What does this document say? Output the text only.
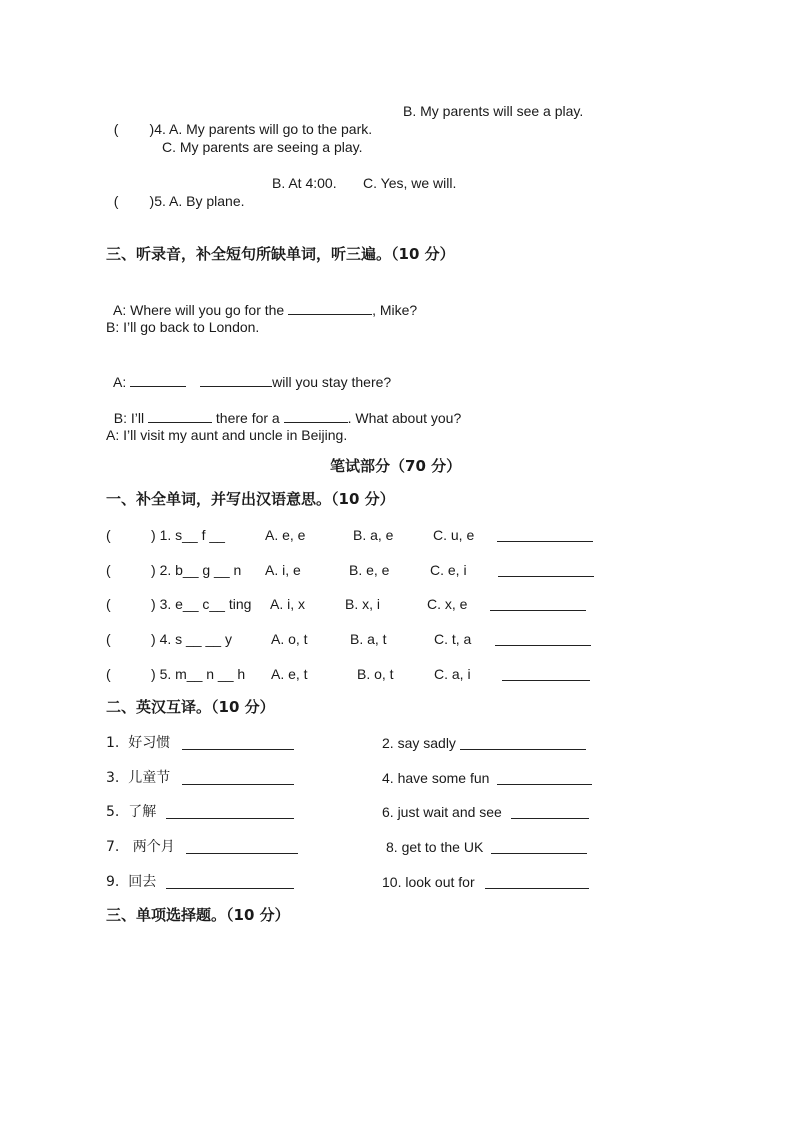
(        )4. A. My parents will go to the park.

B. My parents will see a play.
C. My parents are seeing a play.

(        )5. A. By plane.

B. At 4:00. C. Yes, we will.
三、听录音，补全短句所缺单词，听三遍。（10 分）

A: Where will you go for the	, Mike?

B: I’ll go back to London.

A:	will you stay there?

B: I’ll	there for a	. What about you?

A: I’ll visit my aunt and uncle in Beijing.
笔试部分（70 分）
一、补全单词，并写出汉语意思。（10 分）
(	) 1. s__ f __	A. e, e	B. a, e	C. u, e
(	) 2. b__ g __ n A. i, e	B. e, e	C. e, i
(	) 3. e__ c__ ting A. i, x	B. x, i	C. x, e
(	) 4. s __ __ y	A. o, t	B. a, t	C. t, a
(	) 5. m__ n __ h A. e, t	B. o, t	C. a, i
二、英汉互译。（10 分）
1.  好习惯	2. say sadly
3.  儿童节	4. have some fun
5.  了解	6. just wait and see
7.   两个月	8. get to the UK
9.  回去	10. look out for
三、单项选择题。（10 分）
